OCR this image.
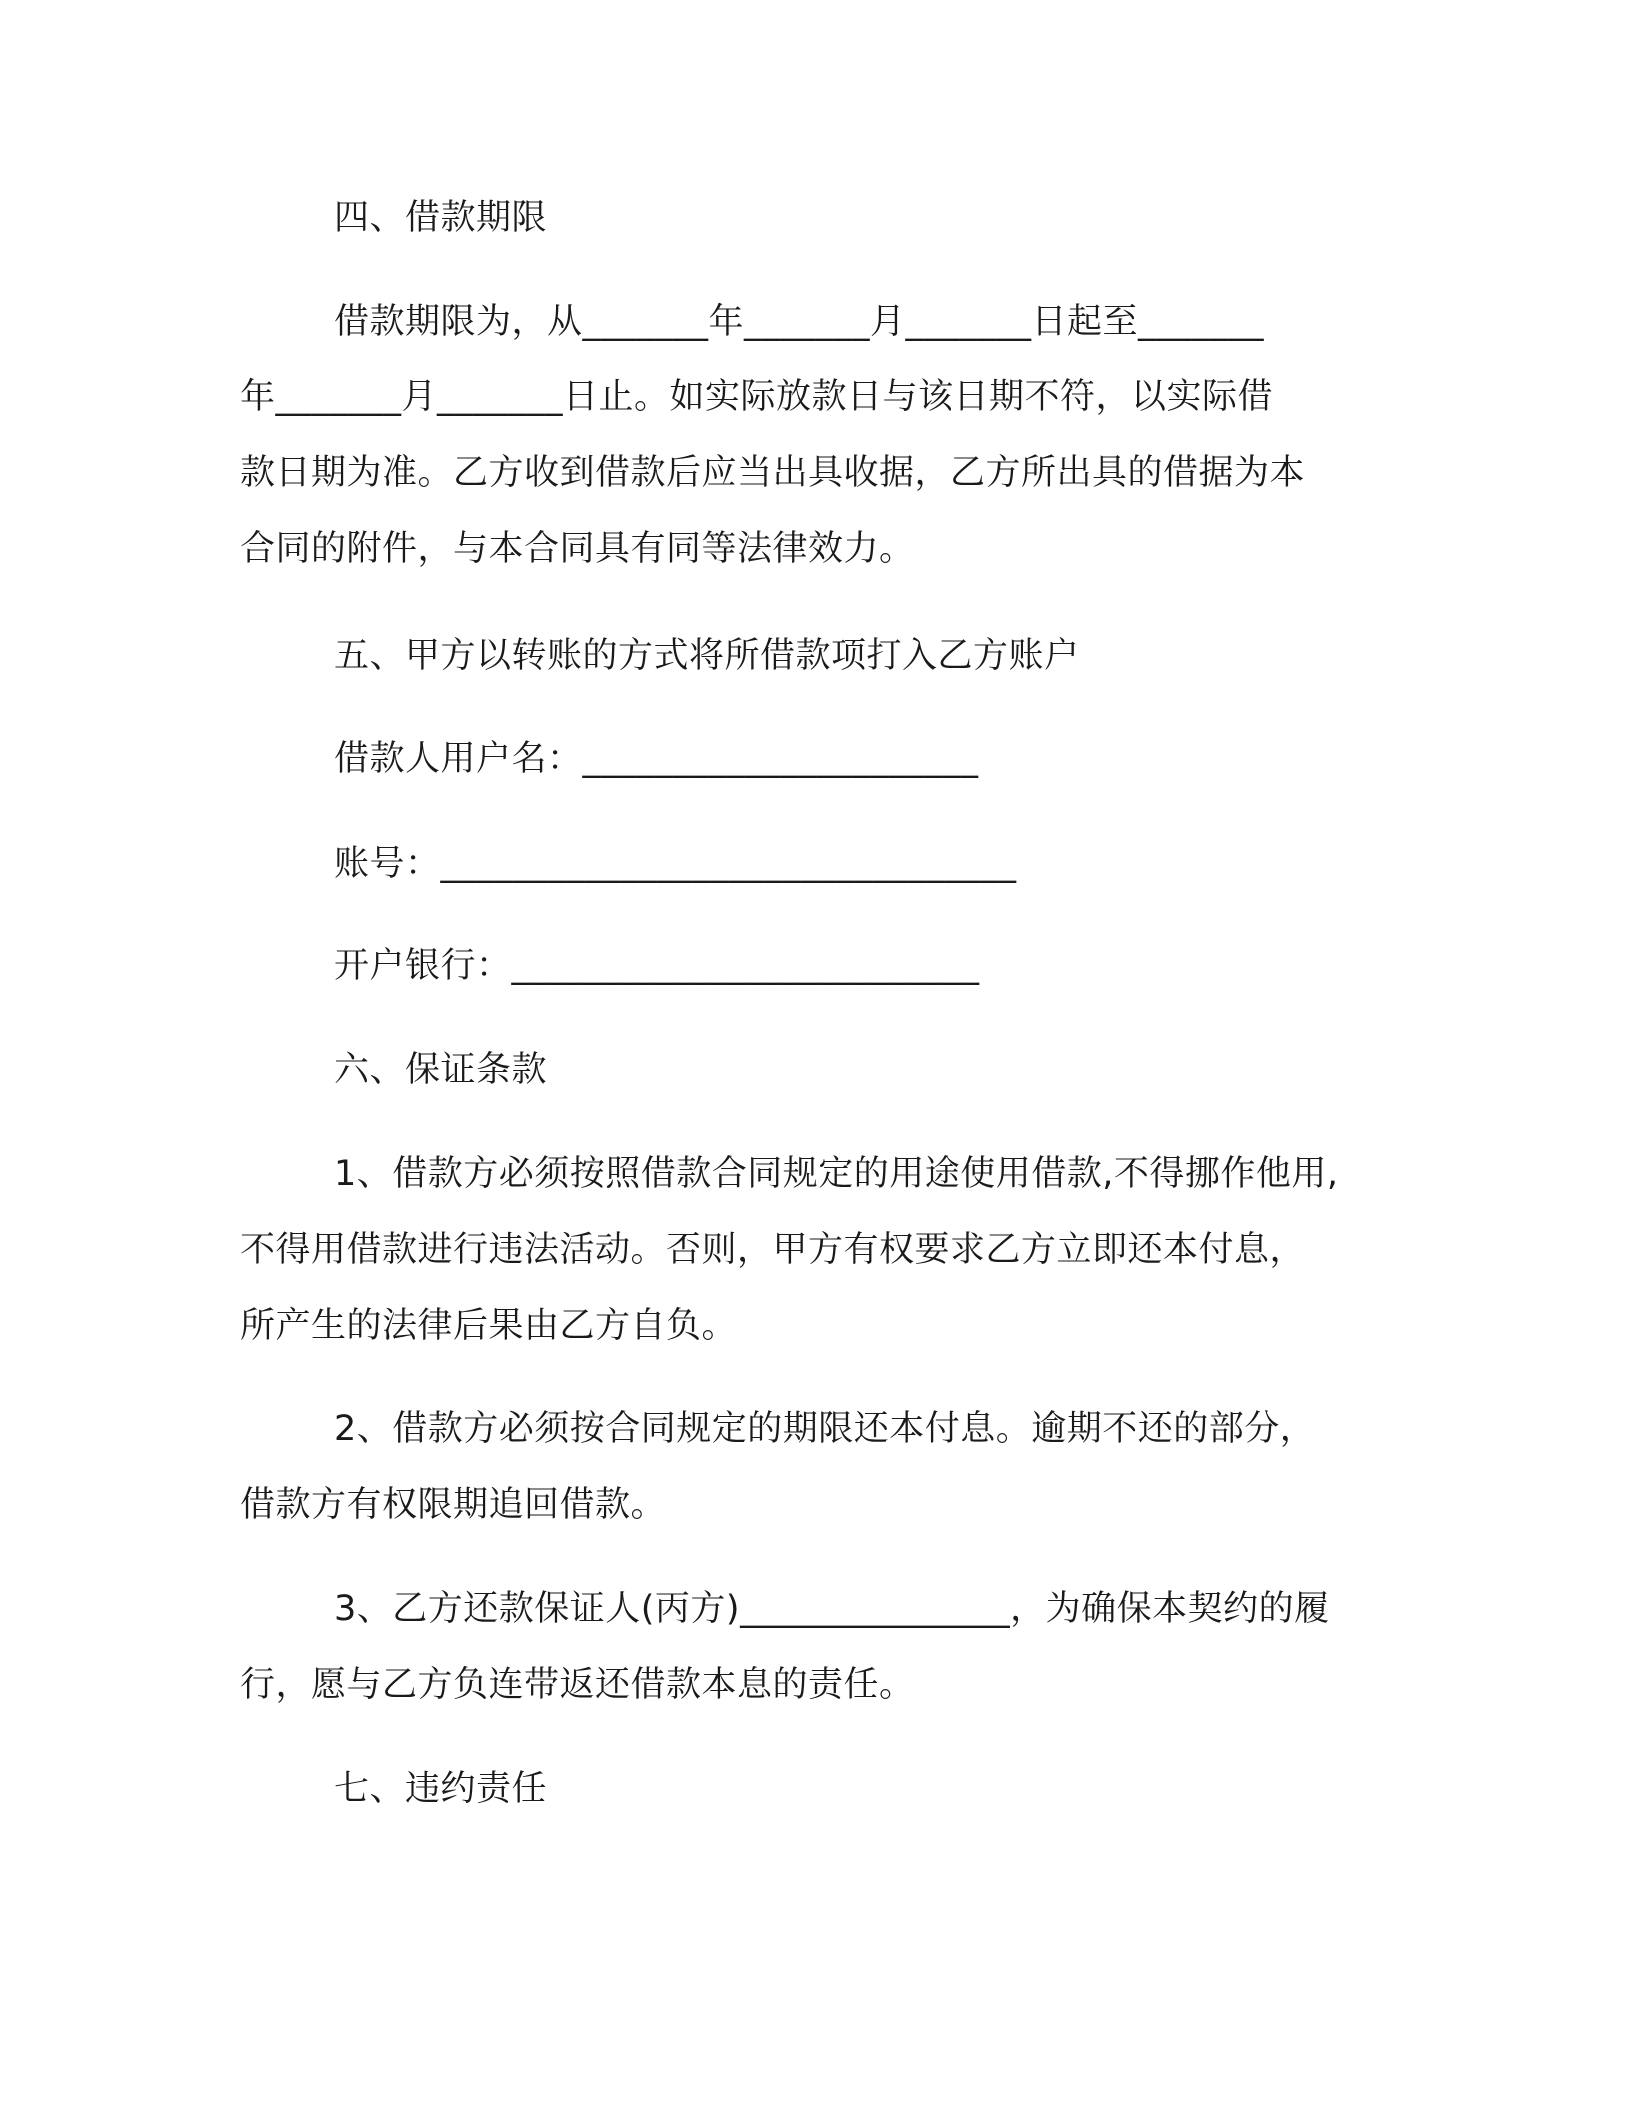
四、借款期限

借款期限为，从_______年_______月_______日起至_______

年_______月_______日止。如实际放款日与该日期不符，以实际借

款日期为准。乙方收到借款后应当出具收据，乙方所出具的借据为本

合同的附件，与本合同具有同等法律效力。

五、甲方以转账的方式将所借款项打入乙方账户

借款人用户名：______________________

账号：________________________________

开户银行：__________________________

六、保证条款

1、借款方必须按照借款合同规定的用途使用借款,不得挪作他用,

不得用借款进行违法活动。否则，甲方有权要求乙方立即还本付息，

所产生的法律后果由乙方自负。

2、借款方必须按合同规定的期限还本付息。逾期不还的部分，

借款方有权限期追回借款。

3、乙方还款保证人(丙方)_______________，为确保本契约的履

行，愿与乙方负连带返还借款本息的责任。

七、违约责任
